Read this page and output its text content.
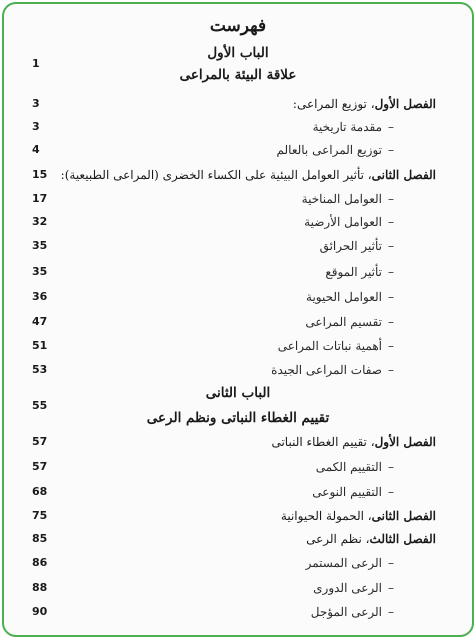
فهرست
الباب الأول
1
علاقة البيئة بالمراعى
الفصل الأول، توزيع المراعى:
3
–مقدمة تاريخية
3
–توزيع المراعى بالعالم
4
الفصل الثانى، تأثير العوامل البيئية على الكساء الخضرى (المراعى الطبيعية):
15
–العوامل المناخية
17
–العوامل الأرضية
32
–تأثير الحرائق
35
–تأثير الموقع
35
–العوامل الحيوية
36
–تقسيم المراعى
47
–أهمية نباتات المراعى
51
–صفات المراعى الجيدة
53
الباب الثانى
55
تقييم الغطاء النباتى ونظم الرعى
الفصل الأول، تقييم الغطاء النباتى
57
–التقييم الكمى
57
–التقييم النوعى
68
الفصل الثانى، الحمولة الحيوانية
75
الفصل الثالث، نظم الرعى
85
–الرعى المستمر
86
–الرعى الدورى
88
–الرعى المؤجل
90
